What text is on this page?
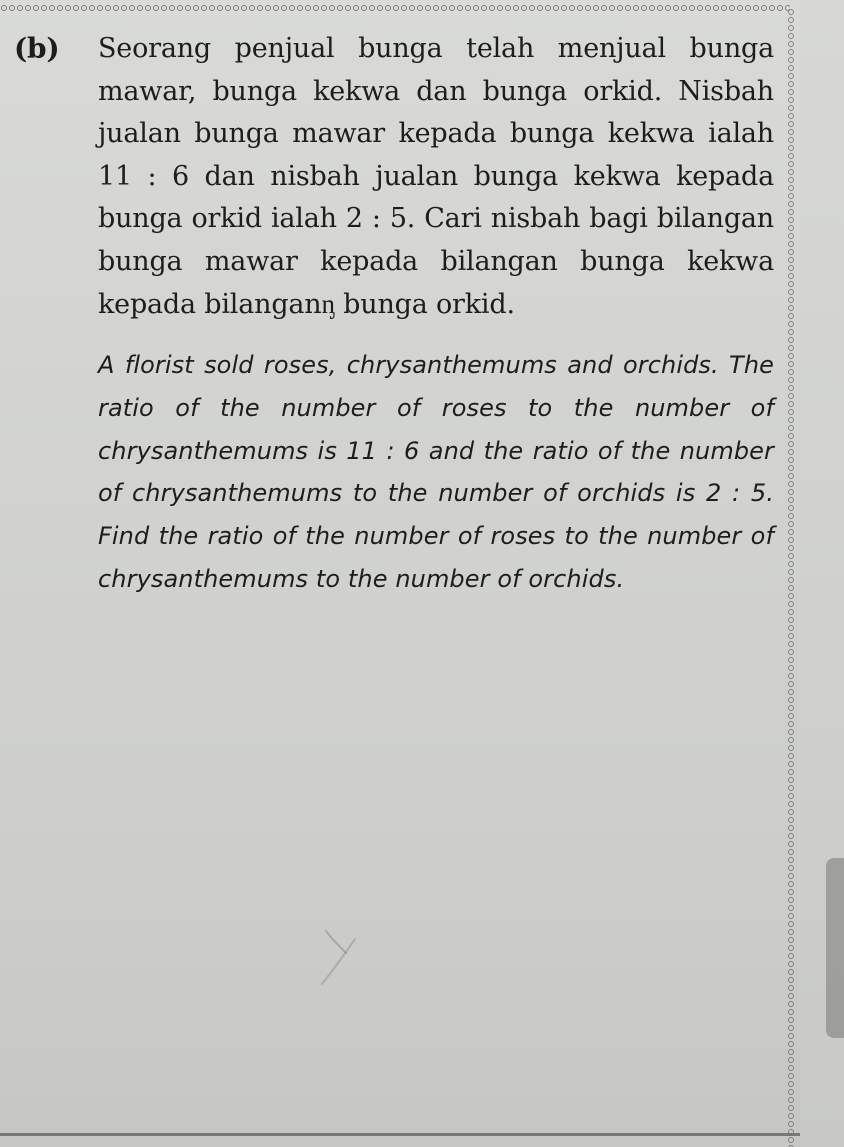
(b) Seorang penjual bunga telah menjual bunga mawar, bunga kekwa dan bunga orkid. Nisbah jualan bunga mawar kepada bunga kekwa ialah 11 : 6 dan nisbah jualan bunga kekwa kepada bunga orkid ialah 2 : 5. Cari nisbah bagi bilangan bunga mawar kepada bilangan bunga kekwa kepada bilanganᶇ bunga orkid.
A florist sold roses, chrysanthemums and orchids. The ratio of the number of roses to the number of chrysanthemums is 11 : 6 and the ratio of the number of chrysanthemums to the number of orchids is 2 : 5. Find the ratio of the number of roses to the number of chrysanthemums to the number of orchids.
